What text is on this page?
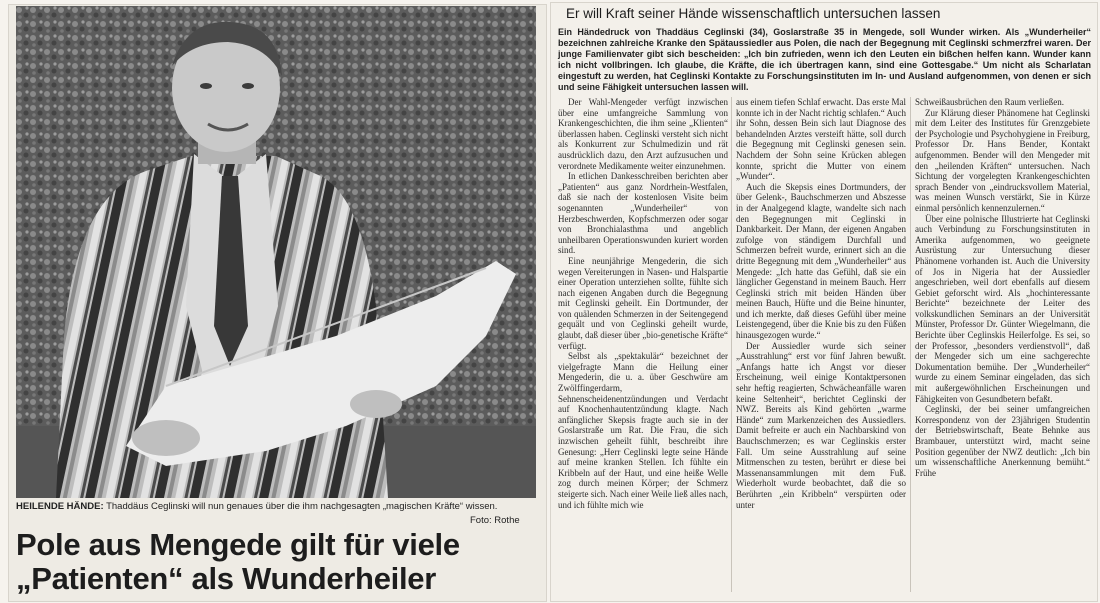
HEILENDE HÄNDE: Thaddäus Ceglinski will nun genaues über die ihm nachgesagten „magischen Kräfte“ wissen.
Foto: Rothe
Pole aus Mengede gilt für viele
„Patienten“ als Wunderheiler
Er will Kraft seiner Hände wissenschaftlich untersuchen lassen
Ein Händedruck von Thaddäus Ceglinski (34), Goslarstraße 35 in Mengede, soll Wunder wirken. Als „Wunderheiler“ bezeichnen zahlreiche Kranke den Spätaussiedler aus Polen, die nach der Begegnung mit Ceglinski schmerzfrei waren. Der junge Familienvater gibt sich bescheiden: „Ich bin zufrieden, wenn ich den Leuten ein bißchen helfen kann. Wunder kann ich nicht vollbringen. Ich glaube, die Kräfte, die ich übertragen kann, sind eine Gottesgabe.“ Um nicht als Scharlatan eingestuft zu werden, hat Ceglinski Kontakte zu Forschungsinstituten im In- und Ausland aufgenommen, von denen er sich und seine Fähigkeit untersuchen lassen will.

Der Wahl-Mengeder verfügt inzwischen über eine umfangreiche Sammlung von Krankengeschichten, die ihm seine „Klienten“ überlassen haben. Ceglinski versteht sich nicht als Konkurrent zur Schulmedizin und rät ausdrücklich dazu, den Arzt aufzusuchen und verordnete Medikamente weiter einzunehmen.

In etlichen Dankesschreiben berichten aber „Patienten“ aus ganz Nordrhein-Westfalen, daß sie nach der kostenlosen Visite beim sogenannten „Wunderheiler“ von Herzbeschwerden, Kopfschmerzen oder sogar von Bronchialasthma und angeblich unheilbaren Operationswunden kuriert worden sind.

Eine neunjährige Mengederin, die sich wegen Vereiterungen in Nasen- und Halspartie einer Operation unterziehen sollte, fühlte sich nach eigenen Angaben durch die Begegnung mit Ceglinski geheilt. Ein Dortmunder, der von quälenden Schmerzen in der Seitengegend gequält und von Ceglinski geheilt wurde, glaubt, daß dieser über „bio-genetische Kräfte“ verfügt.

Selbst als „spektakulär“ bezeichnet der vielgefragte Mann die Heilung einer Mengederin, die u. a. über Geschwüre am Zwölffingerdarm, Sehnenscheidenentzündungen und Verdacht auf Knochenhautentzündung klagte. Nach anfänglicher Skepsis fragte auch sie in der Goslarstraße um Rat. Die Frau, die sich inzwischen geheilt fühlt, beschreibt ihre Genesung: „Herr Ceglinski legte seine Hände auf meine kranken Stellen. Ich fühlte ein Kribbeln auf der Haut, und eine heiße Welle zog durch meinen Körper; der Schmerz steigerte sich. Nach einer Weile ließ alles nach, und ich fühlte mich wie

aus einem tiefen Schlaf erwacht. Das erste Mal konnte ich in der Nacht richtig schlafen.“ Auch ihr Sohn, dessen Bein sich laut Diagnose des behandelnden Arztes versteift hätte, soll durch die Begegnung mit Ceglinski genesen sein. Nachdem der Sohn seine Krücken ablegen konnte, spricht die Mutter von einem „Wunder“.

Auch die Skepsis eines Dortmunders, der über Gelenk-, Bauchschmerzen und Abszesse in der Analgegend klagte, wandelte sich nach den Begegnungen mit Ceglinski in Dankbarkeit. Der Mann, der eigenen Angaben zufolge von ständigem Durchfall und Schmerzen befreit wurde, erinnert sich an die dritte Begegnung mit dem „Wunderheiler“ aus Mengede: „Ich hatte das Gefühl, daß sie ein länglicher Gegenstand in meinem Bauch. Herr Ceglinski strich mit beiden Händen über meinen Bauch, Hüfte und die Beine hinunter, und ich merkte, daß dieses Gefühl über meine Leistengegend, über die Knie bis zu den Füßen hinausgezogen wurde.“

Der Aussiedler wurde sich seiner „Ausstrahlung“ erst vor fünf Jahren bewußt. „Anfangs hatte ich Angst vor dieser Erscheinung, weil einige Kontaktpersonen sehr heftig reagierten, Schwächeanfälle waren keine Seltenheit“, berichtet Ceglinski der NWZ. Bereits als Kind gehörten „warme Hände“ zum Markenzeichen des Aussiedlers. Damit befreite er auch ein Nachbarskind von Bauchschmerzen; es war Ceglinskis erster Fall. Um seine Ausstrahlung auf seine Mitmenschen zu testen, berührt er diese bei Massenansammlungen mit dem Fuß. Wiederholt wurde beobachtet, daß die so Berührten „ein Kribbeln“ verspürten oder unter

Schweißausbrüchen den Raum verließen.

Zur Klärung dieser Phänomene hat Ceglinski mit dem Leiter des Institutes für Grenzgebiete der Psychologie und Psychohygiene in Freiburg, Professor Dr. Hans Bender, Kontakt aufgenommen. Bender will den Mengeder mit den „heilenden Kräften“ untersuchen. Nach Sichtung der vorgelegten Krankengeschichten sprach Bender von „eindrucksvollem Material, was meinen Wunsch verstärkt, Sie in Kürze einmal persönlich kennenzulernen.“

Über eine polnische Illustrierte hat Ceglinski auch Verbindung zu Forschungsinstituten in Amerika aufgenommen, wo geeignete Ausrüstung zur Untersuchung dieser Phänomene vorhanden ist. Auch die University of Jos in Nigeria hat der Aussiedler angeschrieben, weil dort ebenfalls auf diesem Gebiet geforscht wird. Als „hochinteressante Berichte“ bezeichnete der Leiter des volkskundlichen Seminars an der Universität Münster, Professor Dr. Günter Wiegelmann, die Berichte über Ceglinskis Heilerfolge. Es sei, so der Professor, „besonders verdienstvoll“, daß der Mengeder sich um eine sachgerechte Dokumentation bemühe. Der „Wunderheiler“ wurde zu einem Seminar eingeladen, das sich mit außergewöhnlichen Erscheinungen und Fähigkeiten von Gesundbetern befaßt.

Ceglinski, der bei seiner umfangreichen Korrespondenz von der 23jährigen Studentin der Betriebswirtschaft, Beate Behnke aus Brambauer, unterstützt wird, macht seine Position gegenüber der NWZ deutlich: „Ich bin um wissenschaftliche Anerkennung bemüht.“ Frühe
